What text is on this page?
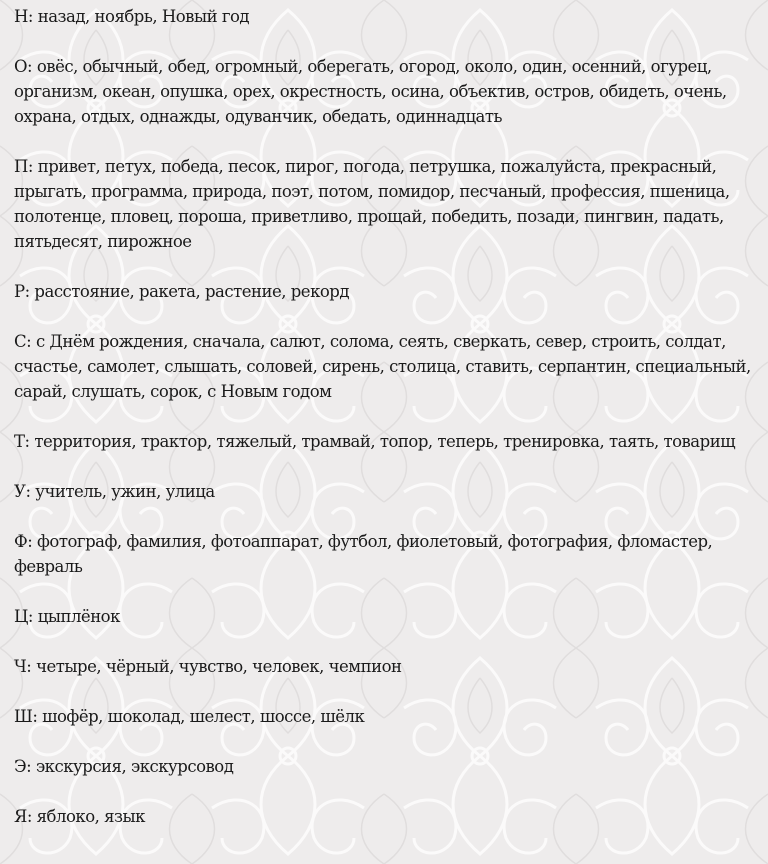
Н: назад, ноябрь, Новый год

О: овёс, обычный, обед, огромный, оберегать, огород, около, один, осенний, огурец, организм, океан, опушка, орех, окрестность, осина, объектив, остров, обидеть, очень, охрана, отдых, однажды, одуванчик, обедать, одиннадцать

П: привет, петух, победа, песок, пирог, погода, петрушка, пожалуйста, прекрасный, прыгать, программа, природа, поэт, потом, помидор, песчаный, профессия, пшеница, полотенце, пловец, пороша, приветливо, прощай, победить, позади, пингвин, падать, пятьдесят, пирожное

Р: расстояние, ракета, растение, рекорд

С: с Днём рождения, сначала, салют, солома, сеять, сверкать, север, строить, солдат, счастье, самолет, слышать, соловей, сирень, столица, ставить, серпантин, специальный, сарай, слушать, сорок, с Новым годом

Т: территория, трактор, тяжелый, трамвай, топор, теперь, тренировка, таять, товарищ

У: учитель, ужин, улица

Ф: фотограф, фамилия, фотоаппарат, футбол, фиолетовый, фотография, фломастер, февраль

Ц: цыплёнок

Ч: четыре, чёрный, чувство, человек, чемпион

Ш: шофёр, шоколад, шелест, шоссе, шёлк

Э: экскурсия, экскурсовод

Я: яблоко, язык
